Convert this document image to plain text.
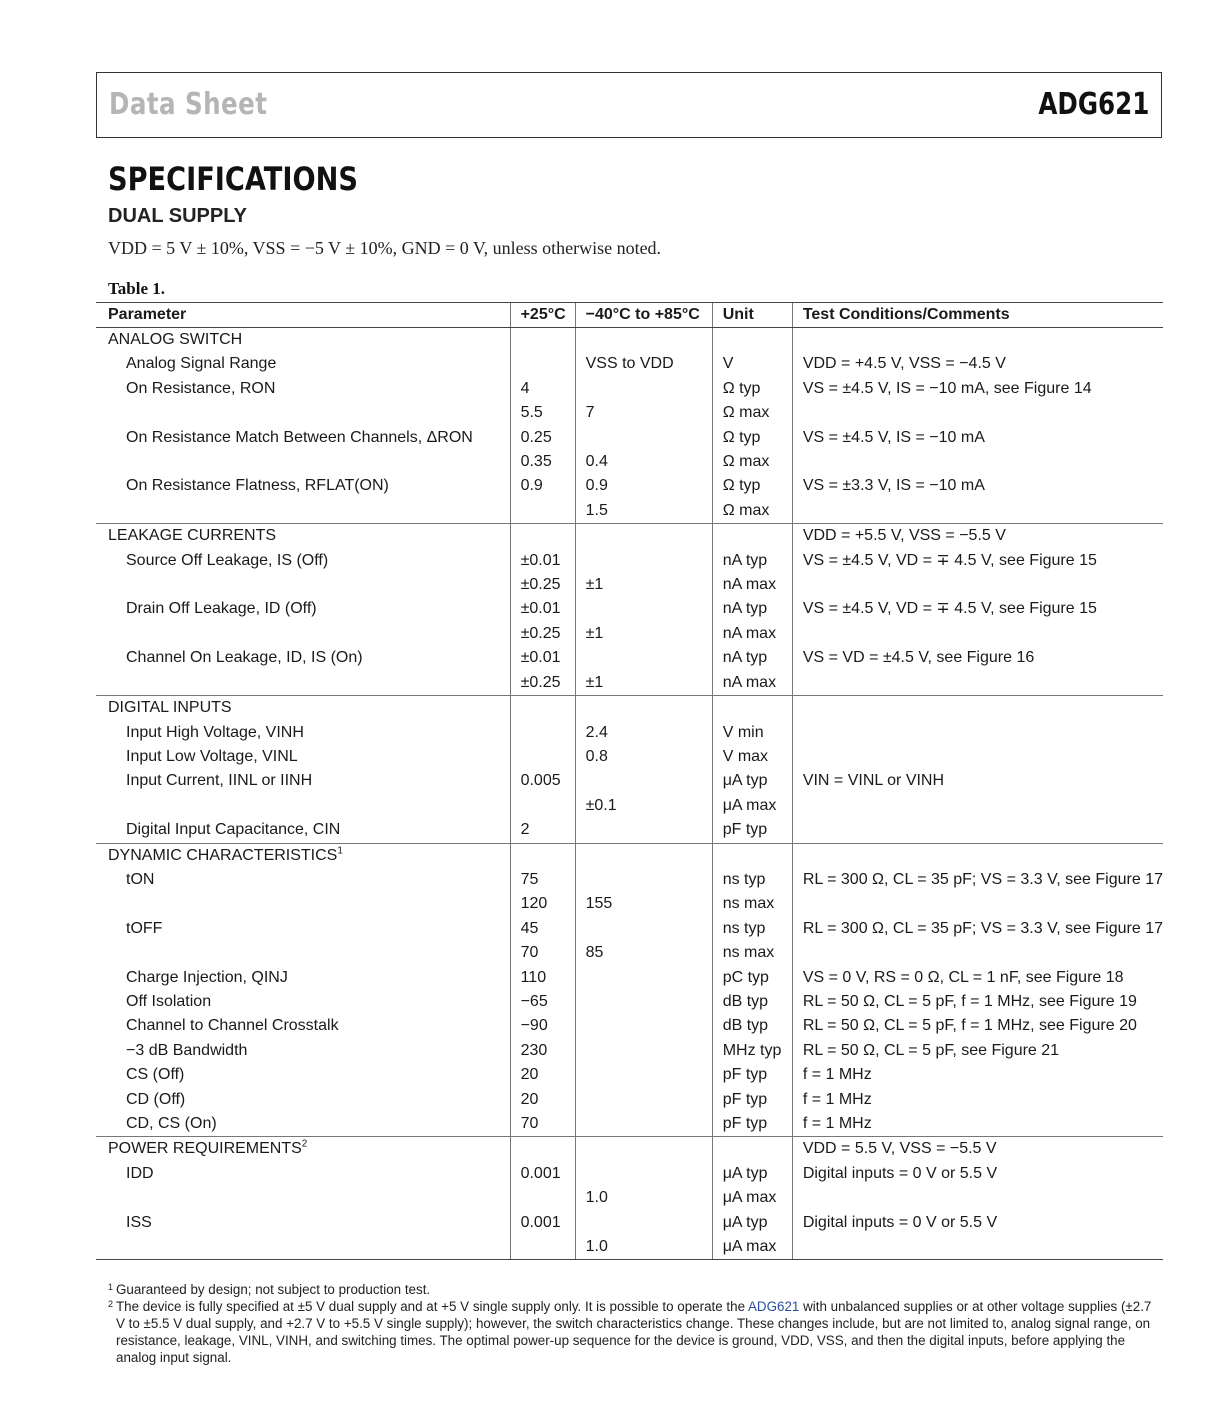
Data Sheet	ADG621
SPECIFICATIONS
DUAL SUPPLY
VDD = 5 V ± 10%, VSS = −5 V ± 10%, GND = 0 V, unless otherwise noted.
Table 1.
Parameter	+25°C	−40°C to +85°C	Unit	Test Conditions/Comments
ANALOG SWITCH				
Analog Signal Range		VSS to VDD	V	VDD = +4.5 V, VSS = −4.5 V
On Resistance, RON	4		Ω typ	VS = ±4.5 V, IS = −10 mA, see Figure 14
	5.5	7	Ω max	
On Resistance Match Between Channels, ΔRON	0.25		Ω typ	VS = ±4.5 V, IS = −10 mA
	0.35	0.4	Ω max	
On Resistance Flatness, RFLAT(ON)	0.9	0.9	Ω typ	VS = ±3.3 V, IS = −10 mA
		1.5	Ω max	
LEAKAGE CURRENTS				VDD = +5.5 V, VSS = −5.5 V
Source Off Leakage, IS (Off)	±0.01		nA typ	VS = ±4.5 V, VD = ∓ 4.5 V, see Figure 15
	±0.25	±1	nA max	
Drain Off Leakage, ID (Off)	±0.01		nA typ	VS = ±4.5 V, VD = ∓ 4.5 V, see Figure 15
	±0.25	±1	nA max	
Channel On Leakage, ID, IS (On)	±0.01		nA typ	VS = VD = ±4.5 V, see Figure 16
	±0.25	±1	nA max	
DIGITAL INPUTS				
Input High Voltage, VINH		2.4	V min	
Input Low Voltage, VINL		0.8	V max	
Input Current, IINL or IINH	0.005		μA typ	VIN = VINL or VINH
		±0.1	μA max	
Digital Input Capacitance, CIN	2		pF typ	
DYNAMIC CHARACTERISTICS$^1$				
tON	75		ns typ	RL = 300 Ω, CL = 35 pF; VS = 3.3 V, see Figure 17
	120	155	ns max	
tOFF	45		ns typ	RL = 300 Ω, CL = 35 pF; VS = 3.3 V, see Figure 17
	70	85	ns max	
Charge Injection, QINJ	110		pC typ	VS = 0 V, RS = 0 Ω, CL = 1 nF, see Figure 18
Off Isolation	−65		dB typ	RL = 50 Ω, CL = 5 pF, f = 1 MHz, see Figure 19
Channel to Channel Crosstalk	−90		dB typ	RL = 50 Ω, CL = 5 pF, f = 1 MHz, see Figure 20
−3 dB Bandwidth	230		MHz typ	RL = 50 Ω, CL = 5 pF, see Figure 21
CS (Off)	20		pF typ	f = 1 MHz
CD (Off)	20		pF typ	f = 1 MHz
CD, CS (On)	70		pF typ	f = 1 MHz
POWER REQUIREMENTS$^2$				VDD = 5.5 V, VSS = −5.5 V
IDD	0.001		μA typ	Digital inputs = 0 V or 5.5 V
		1.0	μA max	
ISS	0.001		μA typ	Digital inputs = 0 V or 5.5 V
		1.0	μA max	
1 Guaranteed by design; not subject to production test.
2 The device is fully specified at ±5 V dual supply and at +5 V single supply only. It is possible to operate the ADG621 with unbalanced supplies or at other voltage supplies (±2.7 V to ±5.5 V dual supply, and +2.7 V to +5.5 V single supply); however, the switch characteristics change. These changes include, but are not limited to, analog signal range, on resistance, leakage, VINL, VINH, and switching times. The optimal power-up sequence for the device is ground, VDD, VSS, and then the digital inputs, before applying the analog input signal.
